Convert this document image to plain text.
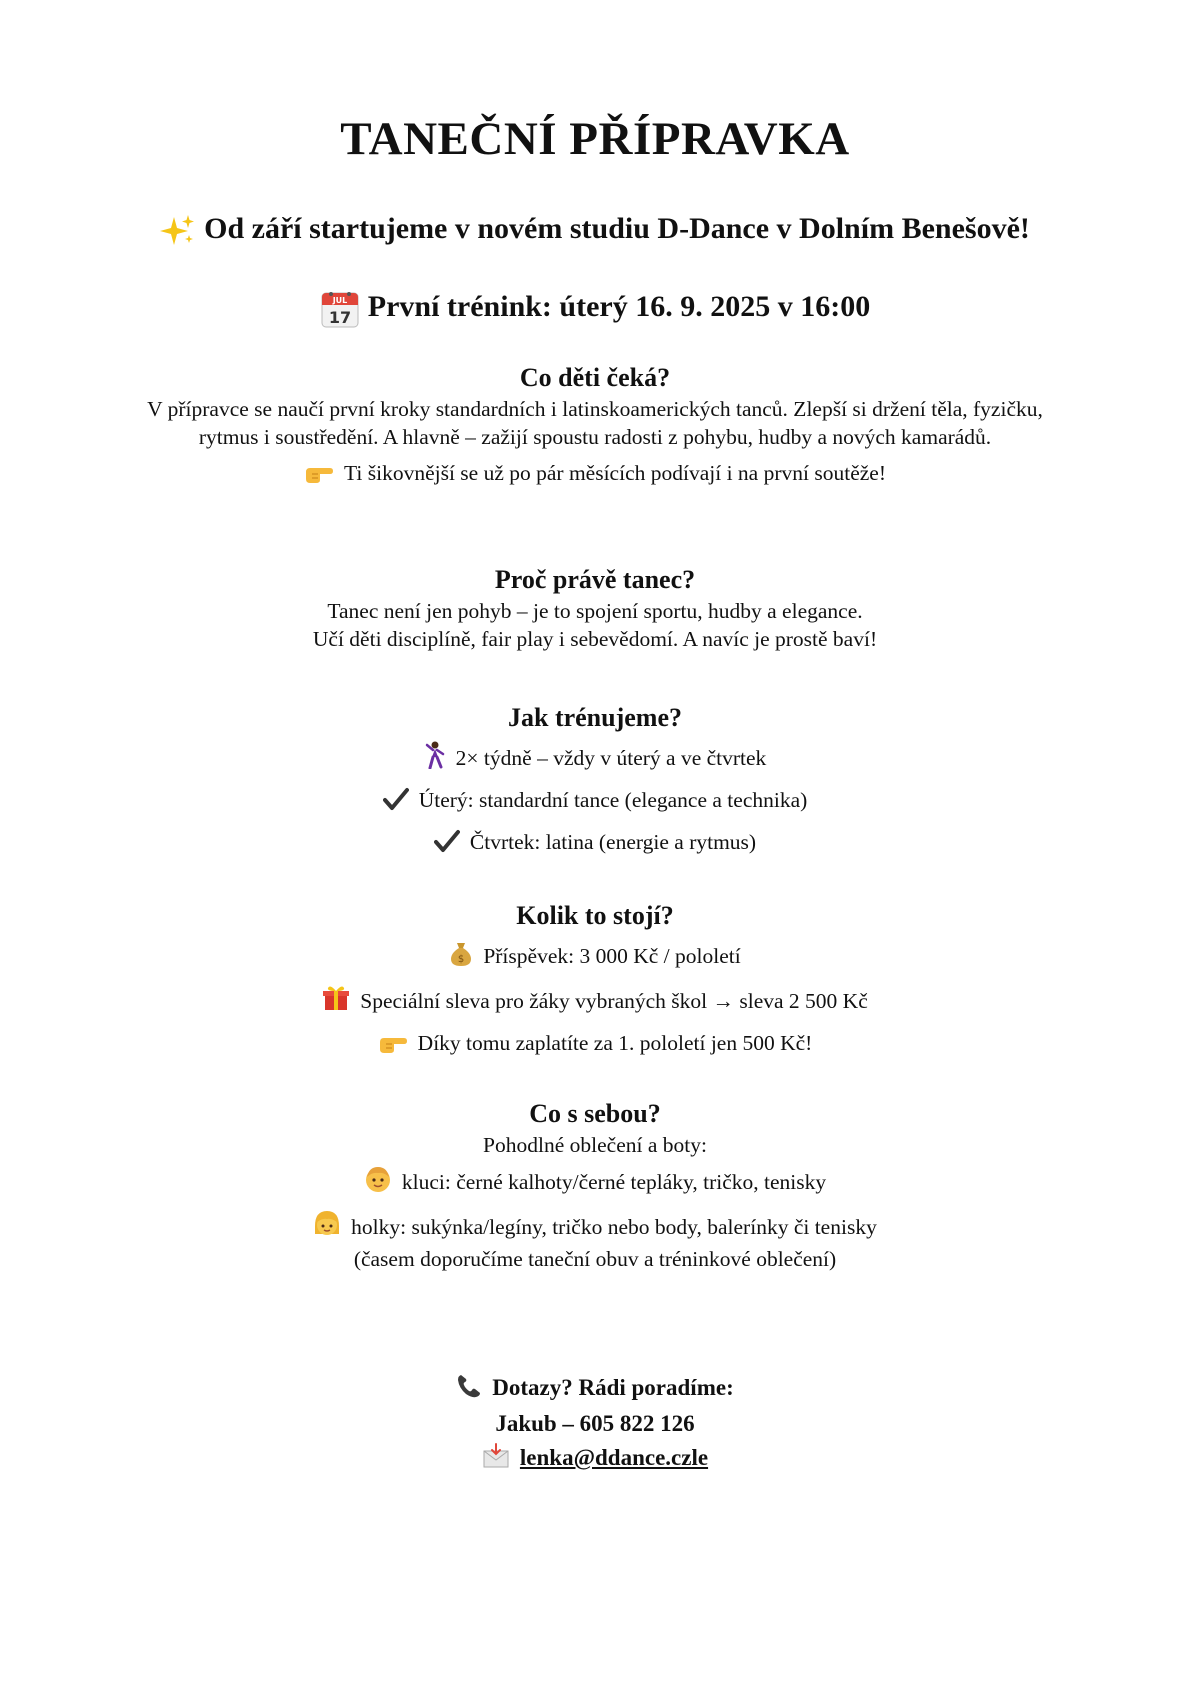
TANEČNÍ PŘÍPRAVKA
Od září startujeme v novém studiu D-Dance v Dolním Benešově!
JUL
17 První trénink: úterý 16. 9. 2025 v 16:00

Co děti čeká?

V přípravce se naučí první kroky standardních i latinskoamerických tanců. Zlepší si držení těla, fyzičku, rytmus i soustředění. A hlavně – zažijí spoustu radosti z pohybu, hudby a nových kamarádů.

Ti šikovnější se už po pár měsících podívají i na první soutěže!

Proč právě tanec?

Tanec není jen pohyb – je to spojení sportu, hudby a elegance.

Učí děti disciplíně, fair play i sebevědomí. A navíc je prostě baví!

Jak trénujeme?

2× týdně – vždy v úterý a ve čtvrtek

Úterý: standardní tance (elegance a technika)

Čtvrtek: latina (energie a rytmus)

Kolik to stojí?

$ Příspěvek: 3 000 Kč / pololetí

Speciální sleva pro žáky vybraných škol → sleva 2 500 Kč

Díky tomu zaplatíte za 1. pololetí jen 500 Kč!

Co s sebou?

Pohodlné oblečení a boty:

kluci: černé kalhoty/černé tepláky, tričko, tenisky

holky: sukýnka/legíny, tričko nebo body, balerínky či tenisky

(časem doporučíme taneční obuv a tréninkové oblečení)

Dotazy? Rádi poradíme:

Jakub – 605 822 126

lenka@ddance.czle
